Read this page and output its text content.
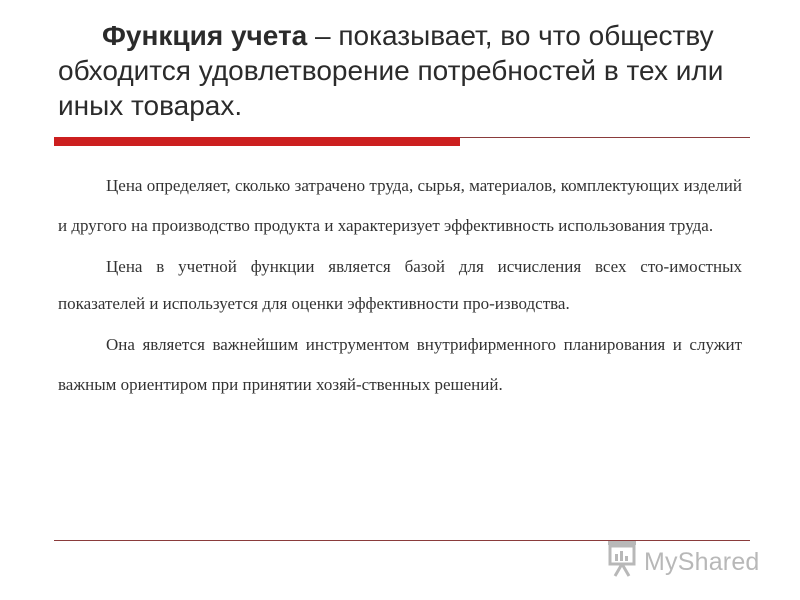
Функция учета – показывает, во что обществу обходится удовлетворение потребностей в тех или иных товарах.

Цена определяет, сколько затрачено труда, сырья, материалов, комплектующих изделий и другого на производство продукта и характеризует эффективность использования труда.

Цена в учетной функции является базой для исчисления всех сто-имостных показателей и используется для оценки эффективности про-изводства.

Она является важнейшим инструментом внутрифирменного планирования и служит важным ориентиром при принятии хозяй-ственных решений.

MyShared
